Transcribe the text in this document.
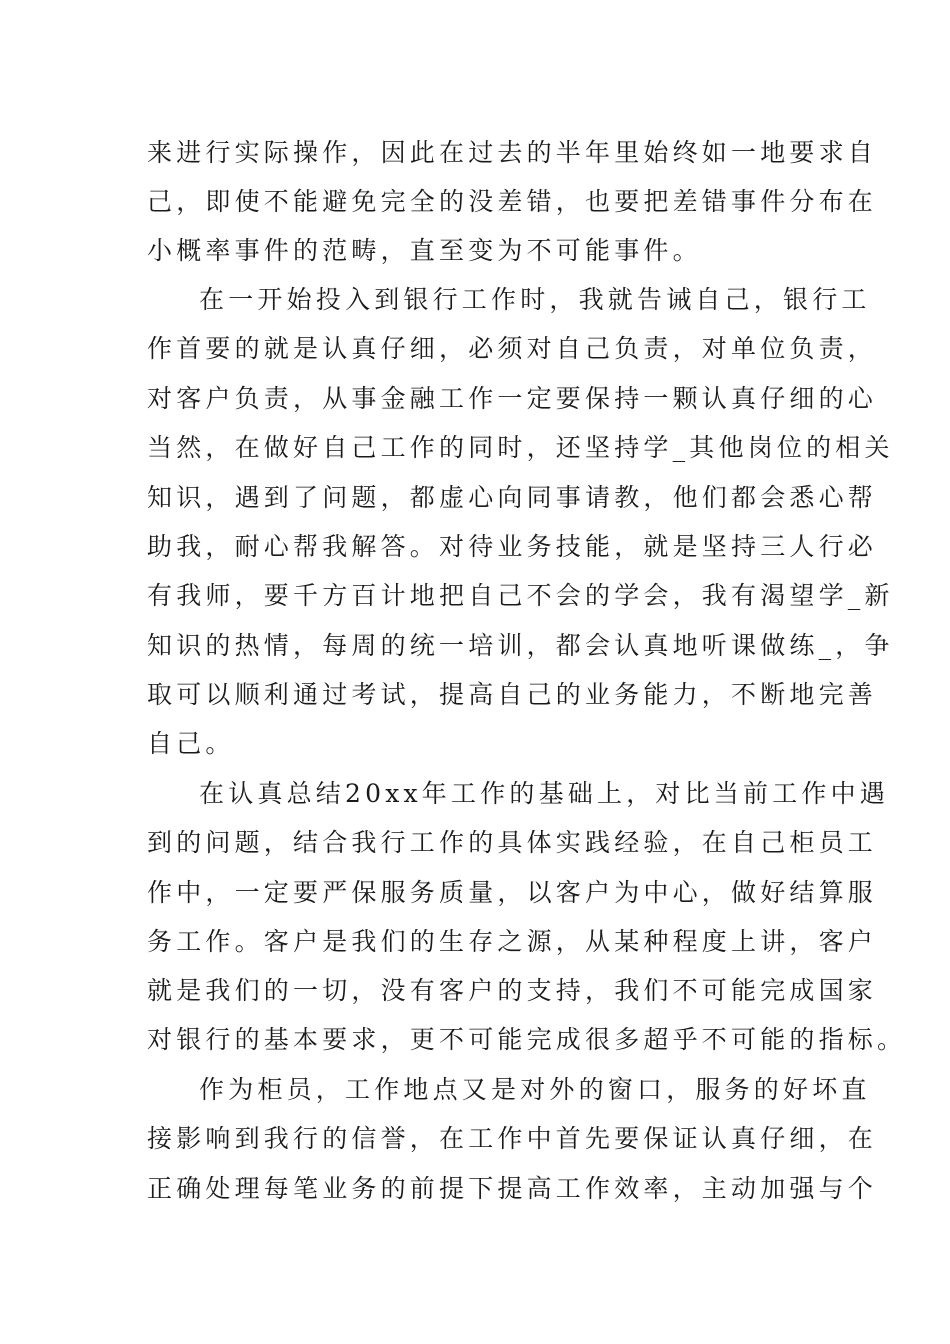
来进行实际操作，因此在过去的半年里始终如一地要求自
己，即使不能避免完全的没差错，也要把差错事件分布在
小概率事件的范畴，直至变为不可能事件。
在一开始投入到银行工作时，我就告诫自己，银行工
作首要的就是认真仔细，必须对自己负责，对单位负责，
对客户负责，从事金融工作一定要保持一颗认真仔细的心
当然，在做好自己工作的同时，还坚持学_其他岗位的相关
知识，遇到了问题，都虚心向同事请教，他们都会悉心帮
助我，耐心帮我解答。对待业务技能，就是坚持三人行必
有我师，要千方百计地把自己不会的学会，我有渴望学_新
知识的热情，每周的统一培训，都会认真地听课做练_，争
取可以顺利通过考试，提高自己的业务能力，不断地完善
自己。
在认真总结20xx年工作的基础上，对比当前工作中遇
到的问题，结合我行工作的具体实践经验，在自己柜员工
作中，一定要严保服务质量，以客户为中心，做好结算服
务工作。客户是我们的生存之源，从某种程度上讲，客户
就是我们的一切，没有客户的支持，我们不可能完成国家
对银行的基本要求，更不可能完成很多超乎不可能的指标。
作为柜员，工作地点又是对外的窗口，服务的好坏直
接影响到我行的信誉，在工作中首先要保证认真仔细，在
正确处理每笔业务的前提下提高工作效率，主动加强与个
